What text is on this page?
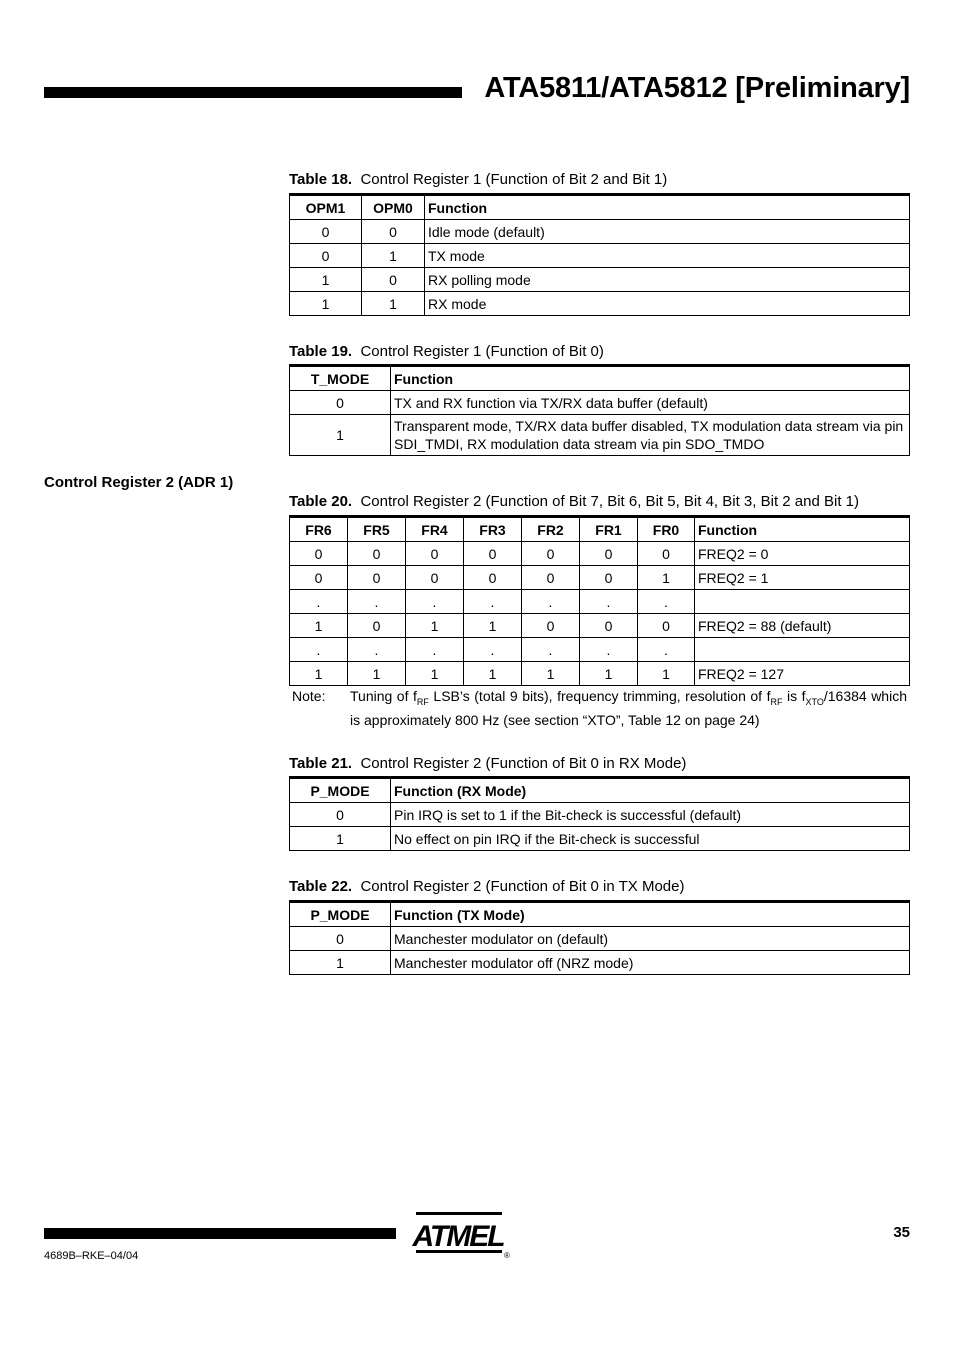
ATA5811/ATA5812 [Preliminary]
Table 18. Control Register 1 (Function of Bit 2 and Bit 1)
OPM1	OPM0	Function
0	0	Idle mode (default)
0	1	TX mode
1	0	RX polling mode
1	1	RX mode
Table 19. Control Register 1 (Function of Bit 0)
T_MODE	Function
0	TX and RX function via TX/RX data buffer (default)
1	Transparent mode, TX/RX data buffer disabled, TX modulation data stream via pin SDI_TMDI, RX modulation data stream via pin SDO_TMDO
Control Register 2 (ADR 1)
Table 20. Control Register 2 (Function of Bit 7, Bit 6, Bit 5, Bit 4, Bit 3, Bit 2 and Bit 1)
FR6	FR5	FR4	FR3	FR2	FR1	FR0	Function
0	0	0	0	0	0	0	FREQ2 = 0
0	0	0	0	0	0	1	FREQ2 = 1
.	.	.	.	.	.	.	
1	0	1	1	0	0	0	FREQ2 = 88 (default)
.	.	.	.	.	.	.	
1	1	1	1	1	1	1	FREQ2 = 127
Note: Tuning of $f_{RF}$ LSB’s (total 9 bits), frequency trimming, resolution of $f_{RF}$ is $f_{XTO}/16384$ which is approximately 800 Hz (see section “XTO”, Table 12 on page 24)
Table 21. Control Register 2 (Function of Bit 0 in RX Mode)
P_MODE	Function (RX Mode)
0	Pin IRQ is set to 1 if the Bit-check is successful (default)
1	No effect on pin IRQ if the Bit-check is successful
Table 22. Control Register 2 (Function of Bit 0 in TX Mode)
P_MODE	Function (TX Mode)
0	Manchester modulator on (default)
1	Manchester modulator off (NRZ mode)
ATMEL
®
35
4689B–RKE–04/04
